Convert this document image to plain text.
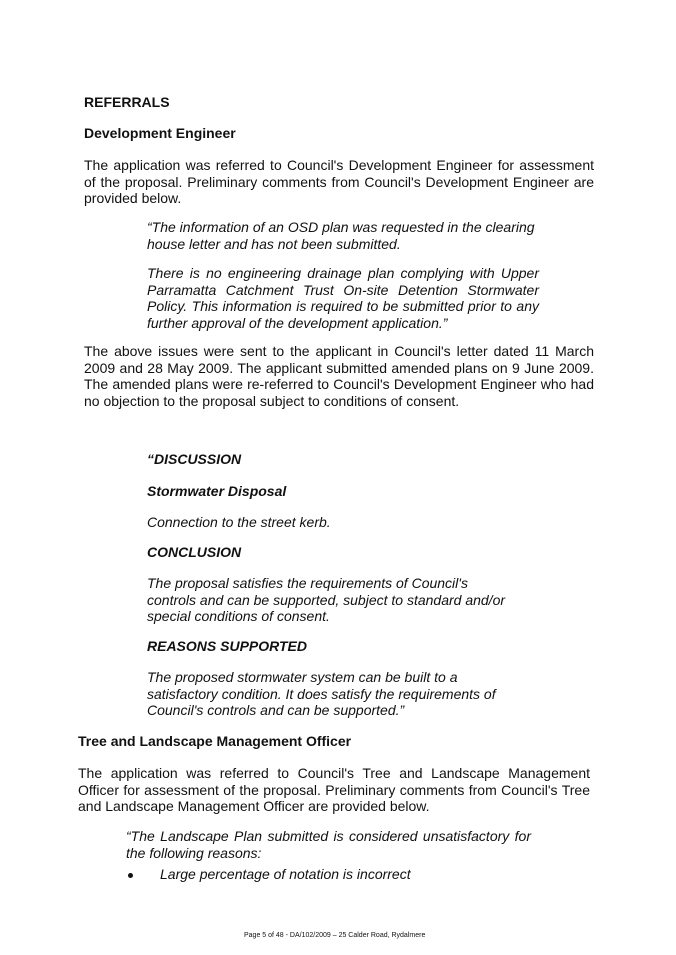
REFERRALS
Development Engineer

The application was referred to Council's Development Engineer for assessment of the proposal. Preliminary comments from Council's Development Engineer are provided below.

“The information of an OSD plan was requested in the clearing house letter and has not been submitted.

There is no engineering drainage plan complying with Upper Parramatta Catchment Trust On-site Detention Stormwater Policy. This information is required to be submitted prior to any further approval of the development application.”

The above issues were sent to the applicant in Council's letter dated 11 March 2009 and 28 May 2009. The applicant submitted amended plans on 9 June 2009. The amended plans were re-referred to Council's Development Engineer who had no objection to the proposal subject to conditions of consent.

“DISCUSSION
Stormwater Disposal

Connection to the street kerb.

CONCLUSION

The proposal satisfies the requirements of Council's controls and can be supported, subject to standard and/or special conditions of consent.

REASONS SUPPORTED

The proposed stormwater system can be built to a satisfactory condition. It does satisfy the requirements of Council's controls and can be supported.”

Tree and Landscape Management Officer

The application was referred to Council's Tree and Landscape Management Officer for assessment of the proposal. Preliminary comments from Council's Tree and Landscape Management Officer are provided below.

“The Landscape Plan submitted is considered unsatisfactory for the following reasons:

Large percentage of notation is incorrect

Page 5 of 48 - DA/102/2009 – 25 Calder Road, Rydalmere
